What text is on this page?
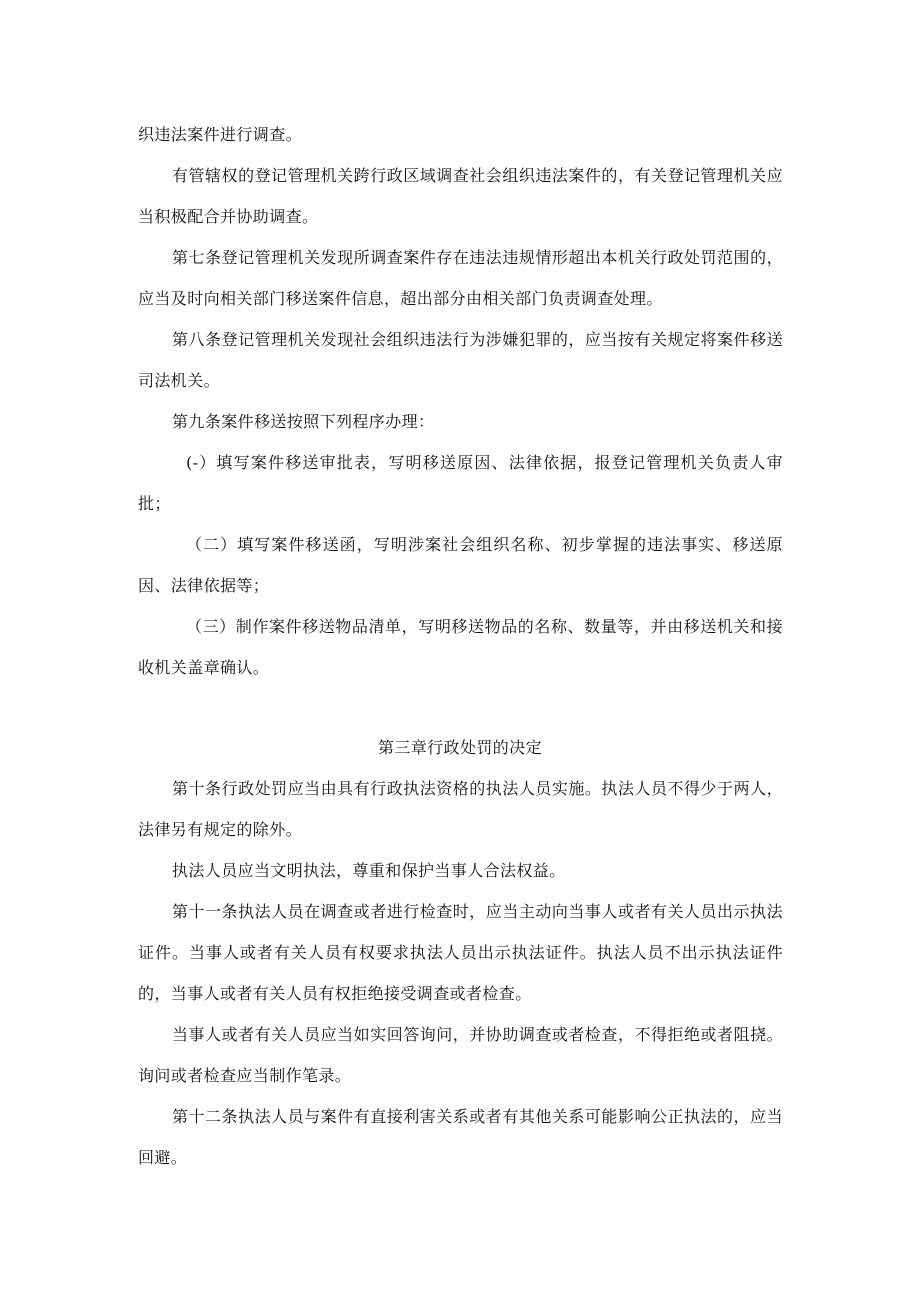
织违法案件进行调查。

有管辖权的登记管理机关跨行政区域调查社会组织违法案件的，有关登记管理机关应当积极配合并协助调查。

第七条登记管理机关发现所调查案件存在违法违规情形超出本机关行政处罚范围的，应当及时向相关部门移送案件信息，超出部分由相关部门负责调查处理。

第八条登记管理机关发现社会组织违法行为涉嫌犯罪的，应当按有关规定将案件移送司法机关。

第九条案件移送按照下列程序办理：

(-）填写案件移送审批表，写明移送原因、法律依据，报登记管理机关负责人审批；

（二）填写案件移送函，写明涉案社会组织名称、初步掌握的违法事实、移送原因、法律依据等；

（三）制作案件移送物品清单，写明移送物品的名称、数量等，并由移送机关和接收机关盖章确认。

第三章行政处罚的决定

第十条行政处罚应当由具有行政执法资格的执法人员实施。执法人员不得少于两人，法律另有规定的除外。

执法人员应当文明执法，尊重和保护当事人合法权益。

第十一条执法人员在调查或者进行检查时，应当主动向当事人或者有关人员出示执法证件。当事人或者有关人员有权要求执法人员出示执法证件。执法人员不出示执法证件的，当事人或者有关人员有权拒绝接受调查或者检查。

当事人或者有关人员应当如实回答询问，并协助调查或者检查，不得拒绝或者阻挠。询问或者检查应当制作笔录。

第十二条执法人员与案件有直接利害关系或者有其他关系可能影响公正执法的，应当回避。
